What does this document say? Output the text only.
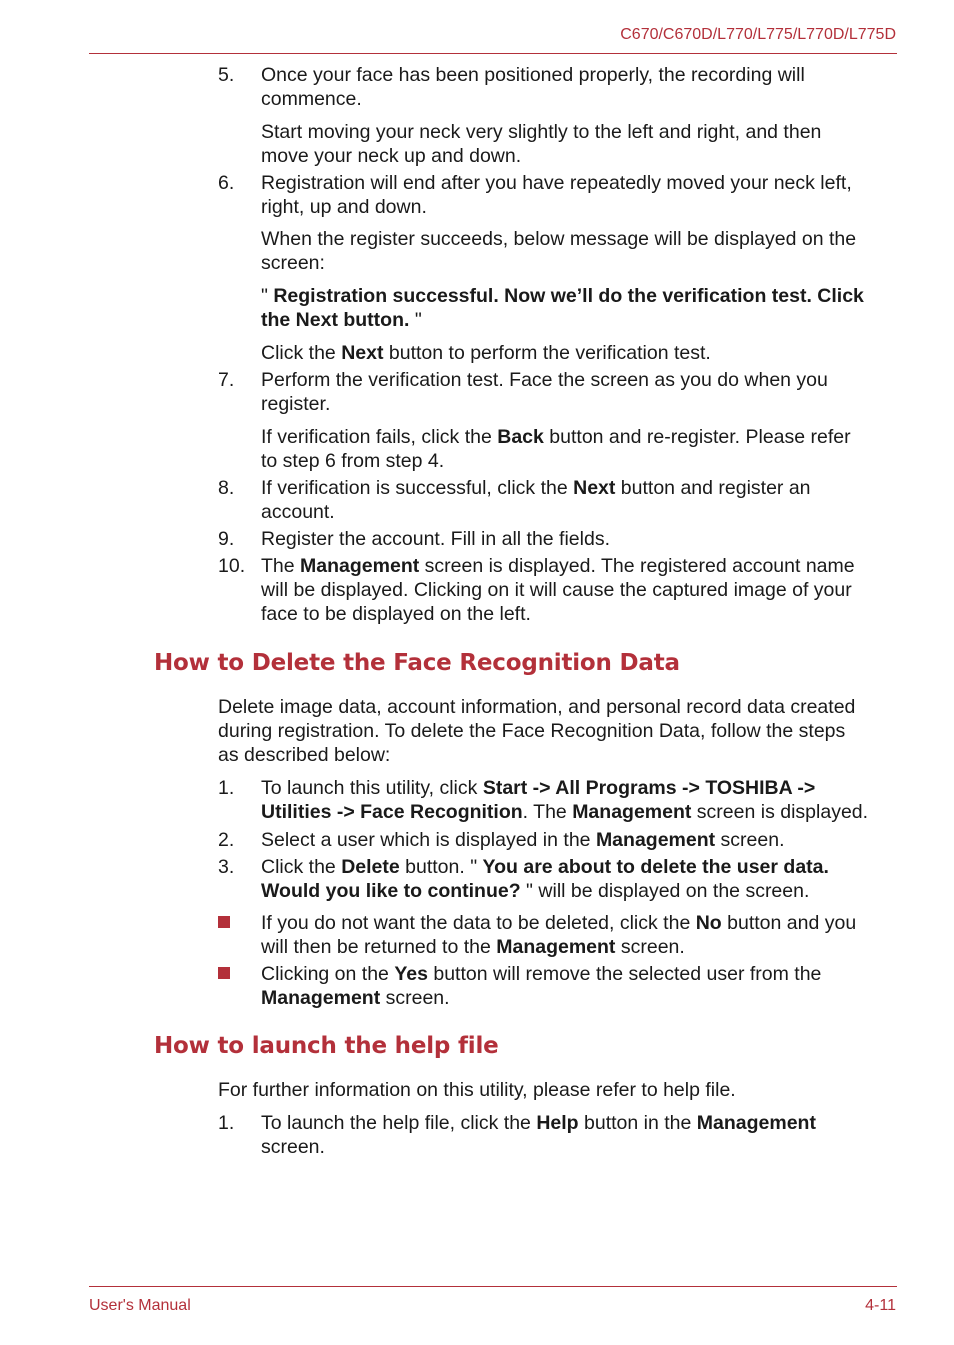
C670/C670D/L770/L775/L770D/L775D
5. Once your face has been positioned properly, the recording will
commence.
Start moving your neck very slightly to the left and right, and then
move your neck up and down.
6. Registration will end after you have repeatedly moved your neck left,
right, up and down.
When the register succeeds, below message will be displayed on the
screen:
" Registration successful. Now we’ll do the verification test. Click
the Next button. "
Click the Next button to perform the verification test.
7. Perform the verification test. Face the screen as you do when you
register.
If verification fails, click the Back button and re-register. Please refer
to step 6 from step 4.
8. If verification is successful, click the Next button and register an
account.
9. Register the account. Fill in all the fields.
10. The Management screen is displayed. The registered account name
will be displayed. Clicking on it will cause the captured image of your
face to be displayed on the left.
How to Delete the Face Recognition Data
Delete image data, account information, and personal record data created
during registration. To delete the Face Recognition Data, follow the steps
as described below:
1. To launch this utility, click Start -> All Programs -> TOSHIBA ->
Utilities -> Face Recognition. The Management screen is displayed.
2. Select a user which is displayed in the Management screen.
3. Click the Delete button. " You are about to delete the user data.
Would you like to continue? " will be displayed on the screen.
If you do not want the data to be deleted, click the No button and you
will then be returned to the Management screen.
Clicking on the Yes button will remove the selected user from the
Management screen.
How to launch the help file
For further information on this utility, please refer to help file.
1. To launch the help file, click the Help button in the Management
screen.
User's Manual	4-11
